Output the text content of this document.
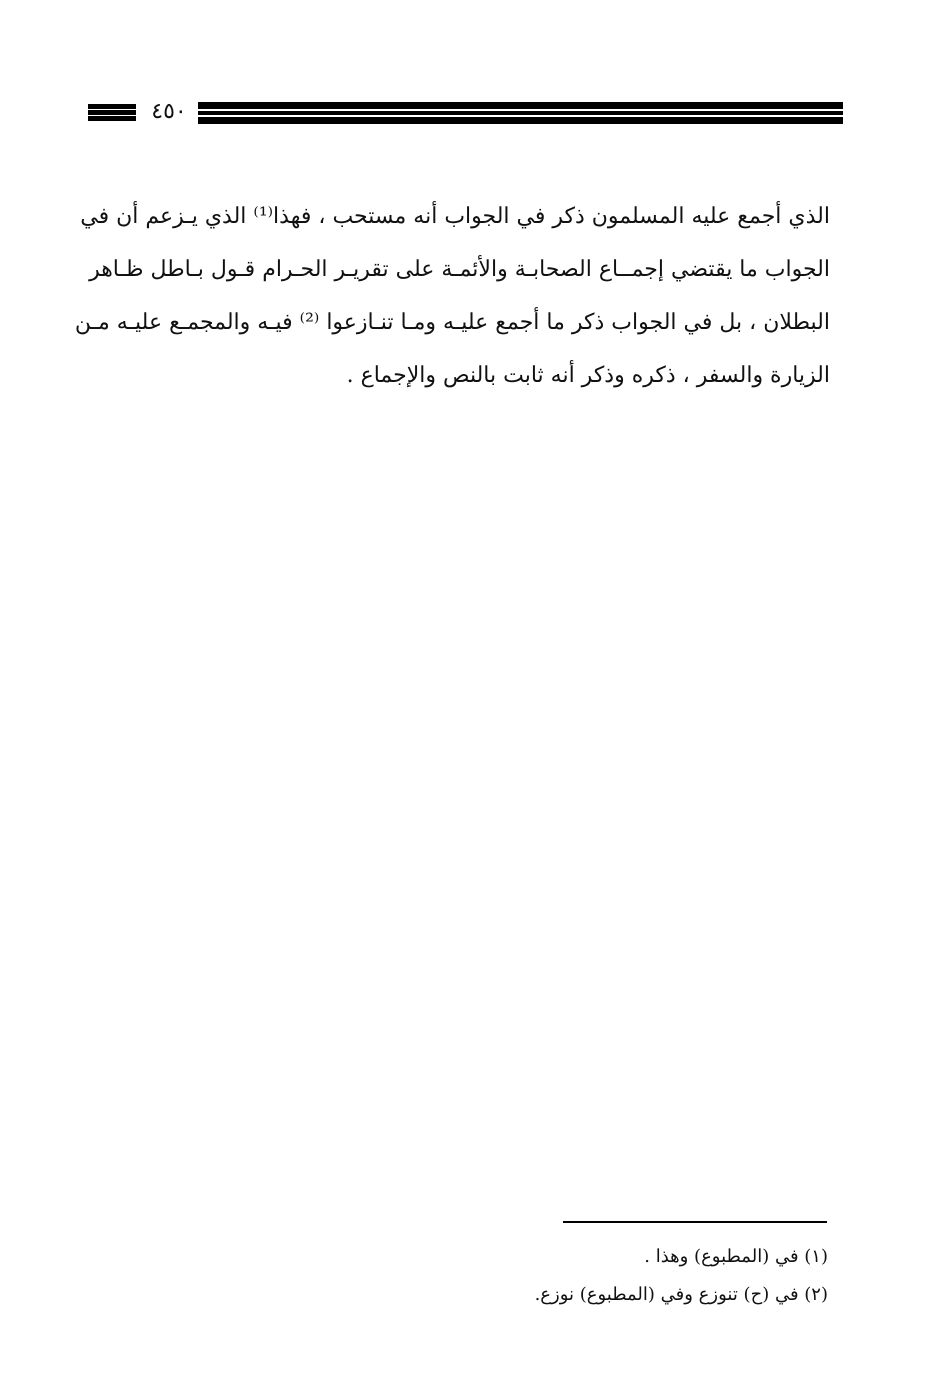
٤٥٠
الذي أجمع عليه المسلمون ذكر في الجواب أنه مستحب ، فهذا⁽¹⁾ الذي يـزعم أن في
الجواب ما يقتضي إجمــاع الصحابـة والأئمـة على تقريـر الحـرام قـول بـاطل ظـاهر
البطلان ، بل في الجواب ذكر ما أجمع عليـه ومـا تنـازعوا ⁽²⁾ فيـه والمجمـع عليـه مـن
الزيارة والسفر ، ذكره وذكر أنه ثابت بالنص والإجماع .
(١) في (المطبوع) وهذا .
(٢) في (ح) تنوزع وفي (المطبوع) نوزع.
